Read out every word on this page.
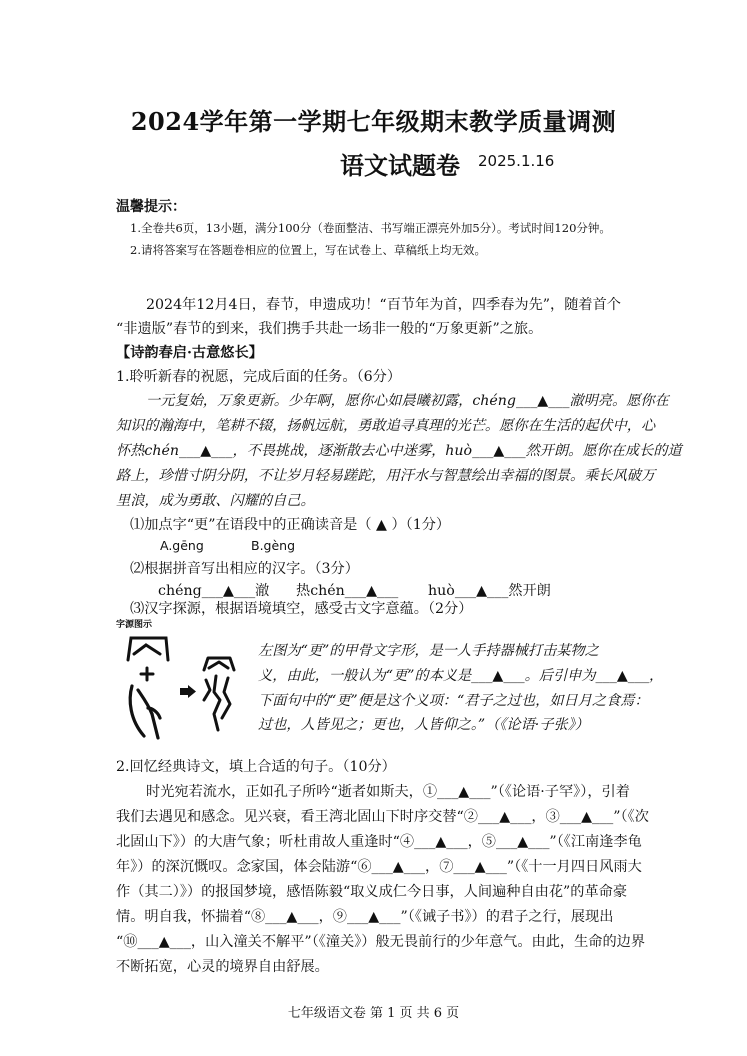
2024学年第一学期七年级期末教学质量调测
语文试题卷 2025.1.16
温馨提示：
1.全卷共6页，13小题，满分100分（卷面整洁、书写端正漂亮外加5分）。考试时间120分钟。
2.请将答案写在答题卷相应的位置上，写在试卷上、草稿纸上均无效。
2024年12月4日，春节，申遗成功！“百节年为首，四季春为先”，随着首个
“非遗版”春节的到来，我们携手共赴一场非一般的“万象更新”之旅。
【诗韵春启·古意悠长】
1.聆听新春的祝愿，完成后面的任务。（6分）
一元复始，万象更新。少年啊，愿你心如晨曦初露，chéng___▲___澈明亮。愿你在
知识的瀚海中，笔耕不辍，扬帆远航，勇敢追寻真理的光芒。愿你在生活的起伏中，心
怀热chén___▲___，不畏挑战，逐渐散去心中迷雾，huò___▲___然开朗。愿你在成长的道
路上，珍惜寸阴分阴，不让岁月轻易蹉跎，用汗水与智慧绘出幸福的图景。乘长风破万
里浪，成为勇敢、闪耀的自己。
⑴加点字“更”在语段中的正确读音是（ ▲ ）（1分）
A.gēng	B.gèng
⑵根据拼音写出相应的汉字。（3分）
chéng___▲___澈 热chén___▲___ huò___▲___然开朗
⑶汉字探源，根据语境填空，感受古文字意蕴。（2分）
字源图示
左图为“更”的甲骨文字形，是一人手持器械打击某物之
义，由此，一般认为“更”的本义是___▲___。后引申为___▲___，
下面句中的“更”便是这个义项：“君子之过也，如日月之食焉：
过也，人皆见之；更也，人皆仰之。”（《论语·子张》）
2.回忆经典诗文，填上合适的句子。（10分）
时光宛若流水，正如孔子所吟“逝者如斯夫，①___▲___”（《论语·子罕》），引着
我们去遇见和感念。见兴衰，看王湾北固山下时序交替“②___▲___，③___▲___”（《次
北固山下》）的大唐气象；听杜甫故人重逢时“④___▲___，⑤___▲___”（《江南逢李龟
年》）的深沉慨叹。念家国，体会陆游“⑥___▲___，⑦___▲___”（《十一月四日风雨大
作（其二）》）的报国梦境，感悟陈毅“取义成仁今日事，人间遍种自由花”的革命豪
情。明自我，怀揣着“⑧___▲___，⑨___▲___”（《诫子书》）的君子之行，展现出
“⑩___▲___，山入潼关不解平”（《潼关》）般无畏前行的少年意气。由此，生命的边界
不断拓宽，心灵的境界自由舒展。
七年级语文卷 第 1 页 共 6 页
